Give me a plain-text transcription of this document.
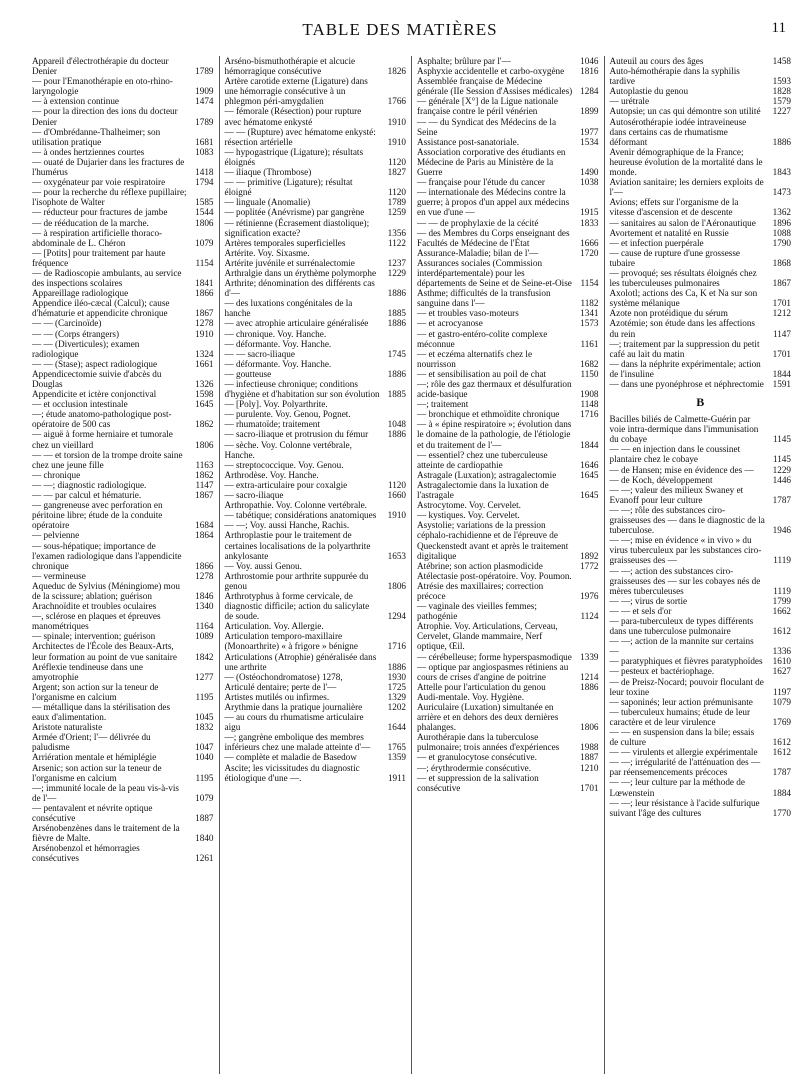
TABLE DES MATIÈRES	11
Appareil d'électrothérapie du docteur Denier	1789
— pour l'Emanothérapie en oto-rhino-laryngologie	1909
— à extension continue	1474
— pour la direction des ions du docteur Denier	1789
— d'Ombrédanne-Thalheimer; son utilisation pratique	1681
— à ondes hertziennes courtes	1083
— ouaté de Dujarier dans les fractures de l'humérus	1418
— oxygénateur par voie respiratoire	1794
— pour la recherche du réflexe pupillaire; l'isophote de Walter	1585
— réducteur pour fractures de jambe	1544
— de rééducation de la marche.	1806
— à respiration artificielle thoraco-abdominale de L. Chéron	1079
— [Potits] pour traitement par haute fréquence	1154
— de Radioscopie ambulants, au service des inspections scolaires	1841
Appareillage radiologique	1866
Appendice iléo-cæcal (Calcul); cause d'hématurie et appendicite chronique	1867
— — (Carcinoïde)	1278
— — (Corps étrangers)	1910
— — (Diverticules); examen radiologique	1324
— — (Stase); aspect radiologique	1661
Appendicectomie suivie d'abcès du Douglas	1326
Appendicite et ictère conjonctival	1598
— et occlusion intestinale	1645
—; étude anatomo-pathologique post-opératoire de 500 cas	1862
— aiguë à forme herniaire et tumorale chez un vieillard	1806
— — et torsion de la trompe droite saine chez une jeune fille	1163
— chronique	1862
— —; diagnostic radiologique.	1147
— — par calcul et hématurie.	1867
— gangreneuse avec perforation en péritoine libre; étude de la conduite opératoire	1684
— pelvienne	1864
— sous-hépatique; importance de l'examen radiologique dans l'appendicite chronique	1866
— vermineuse	1278
Aqueduc de Sylvius (Méningiome) mou de la scissure; ablation; guérison	1846
Arachnoïdite et troubles oculaires	1340
—, sclérose en plaques et épreuves manométriques	1164
— spinale; intervention; guérison	1089
Architectes de l'École des Beaux-Arts, leur formation au point de vue sanitaire	1842
Aréflexie tendineuse dans une amyotrophie	1277
Argent; son action sur la teneur de l'organisme en calcium	1195
— métallique dans la stérilisation des eaux d'alimentation.	1045
Aristote naturaliste	1832
Armée d'Orient; l'— délivrée du paludisme	1047
Arriération mentale et hémiplégie	1040
Arsenic; son action sur la teneur de l'organisme en calcium	1195
—; immunité locale de la peau vis-à-vis de l'—	1079
— pentavalent et névrite optique consécutive	1887
Arsénobenzènes dans le traitement de la fièvre de Malte.	1840
Arsénobenzol et hémorragies consécutives	1261
Arséno-bismuthothérapie et alcucie hémorragique consécutive	1826
Artère carotide externe (Ligature) dans une hémorragie consécutive à un phlegmon péri-amygdalien	1766
— fémorale (Résection) pour rupture avec hématome enkysté	1910
— — (Rupture) avec hématome enkysté: résection artérielle	1910
— hypogastrique (Ligature); résultats éloignés	1120
— iliaque (Thrombose)	1827
— — primitive (Ligature); résultat éloigné	1120
— linguale (Anomalie)	1789
— poplitée (Anévrisme) par gangrène	1259
— rétinienne (Écrasement diastolique); signification exacte?	1356
Artères temporales superficielles	1122
Artérite. Voy. Sixasme.
Artérite juvénile et surrénalectomie	1237
Arthralgie dans un érythème polymorphe	1229
Arthrite; dénomination des différents cas d'—	1886
— des luxations congénitales de la hanche	1885
— avec atrophie articulaire généralisée	1886
— chronique. Voy. Hanche.
— déformante. Voy. Hanche.
— — sacro-iliaque	1745
— déformante. Voy. Hanche.
— goutteuse	1886
— infectieuse chronique; conditions d'hygiène et d'habitation sur son évolution 1885
— [Poly]. Voy. Polyarthrite.
— purulente. Voy. Genou, Pognet.
— rhumatoïde; traitement	1048
— sacro-iliaque et protrusion du fémur	1886
— sèche. Voy. Colonne vertébrale, Hanche.
— streptococcique. Voy. Genou.
Arthrodèse. Voy. Hanche.
— extra-articulaire pour coxalgie	1120
— sacro-iliaque	1660
Arthropathie. Voy. Colonne vertébrale.
— tabétique; considérations anatomiques	1910
— —; Voy. aussi Hanche, Rachis.
Arthroplastie pour le traitement de certaines localisations de la polyarthrite ankylosante	1653
— Voy. aussi Genou.
Arthrostomie pour arthrite suppurée du genou	1806
Arthrotyphus à forme cervicale, de diagnostic difficile; action du salicylate de soude.	1294
Articulation. Voy. Allergie.
Articulation temporo-maxillaire (Monoarthrite) « à frigore » bénigne	1716
Articulations (Atrophie) généralisée dans une arthrite	1886
— (Ostéochondromatose) 1278,	1930
Articulé dentaire; perte de l'—	1725
Artistes mutilés ou infirmes.	1329
Arythmie dans la pratique journalière	1202
— au cours du rhumatisme articulaire aigu	1644
—; gangrène embolique des membres inférieurs chez une malade atteinte d'—	1765
— complète et maladie de Basedow	1359
Ascite; les vicissitudes du diagnostic étiologique d'une —.	1911
Asphalte; brûlure par l'—	1046
Asphyxie accidentelle et carbo-oxygène	1816
Assemblée française de Médecine générale (IIe Session d'Assises médicales) 1284
— générale [X°] de la Ligue nationale française contre le péril vénérien	1899
— — du Syndicat des Médecins de la Seine	1977
Assistance post-sanatoriale.	1534
Association corporative des étudiants en Médecine de Paris au Ministère de la Guerre	1490
— française pour l'étude du cancer	1038
— internationale des Médecins contre la guerre; à propos d'un appel aux médecins en vue d'une —	1915
— — de prophylaxie de la cécité	1833
— des Membres du Corps enseignant des Facultés de Médecine de l'État	1666
Assurance-Maladie; bilan de l'—	1720
Assurances sociales (Commission interdépartementale) pour les départements de Seine et de Seine-et-Oise 1154
Asthme; difficultés de la transfusion sanguine dans l'—	1182
— et troubles vaso-moteurs	1341
— et acrocyanose	1573
— et gastro-entéro-colite complexe méconnue	1161
— et eczéma alternatifs chez le nourrisson	1682
— et sensibilisation au poil de chat	1150
—; rôle des gaz thermaux et désulfuration acide-basique	1908
—; traitement	1148
— bronchique et ethmoïdite chronique	1716
— à « épine respiratoire »; évolution dans le domaine de la pathologie, de l'étiologie et du traitement de l'—	1844
— essentiel? chez une tuberculeuse atteinte de cardiopathie	1646
Astragale (Luxation); astragalectomie	1645
Astragalectomie dans la luxation de l'astragale	1645
Astrocytome. Voy. Cervelet.
— kystiques. Voy. Cervelet.
Asystolie; variations de la pression céphalo-rachidienne et de l'épreuve de Queckenstedt avant et après le traitement digitalique	1892
Atébrine; son action plasmodicide	1772
Atélectasie post-opératoire. Voy. Poumon.
Atrésie des maxillaires; correction précoce	1976
— vaginale des vieilles femmes; pathogénie	1124
Atrophie. Voy. Articulations, Cerveau, Cervelet, Glande mammaire, Nerf optique, Œil.
— cérébelleuse; forme hyperspasmodique 1339
— optique par angiospasmes rétiniens au cours de crises d'angine de poitrine	1214
Attelle pour l'articulation du genou	1886
Audi-mentale. Voy. Hygiène.
Auriculaire (Luxation) simultanée en arrière et en dehors des deux dernières phalanges.	1806
Aurothérapie dans la tuberculose pulmonaire; trois années d'expériences	1988
— et granulocytose consécutive.	1887
—; érythrodermie consécutive.	1210
— et suppression de la salivation consécutive	1701
Auteuil au cours des âges	1458
Auto-hémothérapie dans la syphilis tardive	1593
Autoplastie du genou	1828
— urétrale	1579
Autopsie; un cas qui démontre son utilité	1227
Autosérothérapie iodée intraveineuse dans certains cas de rhumatisme déformant	1886
Avenir démographique de la France; heureuse évolution de la mortalité dans le monde.	1843
Aviation sanitaire; les derniers exploits de l'—	1473
Avions; effets sur l'organisme de la vitesse d'ascension et de descente	1362
— sanitaires au salon de l'Aéronautique	1896
Avortement et natalité en Russie	1088
— et infection puerpérale	1790
— cause de rupture d'une grossesse tubaire	1868
— provoqué; ses résultats éloignés chez les tuberculeuses pulmonaires	1867
Axolotl; actions des Ca, K et Na sur son système mélanique	1701
Azote non protéidique du sérum	1212
Azotémie; son étude dans les affections du rein	1147
—; traitement par la suppression du petit café au lait du matin	1701
— dans la néphrite expérimentale; action de l'insuline	1844
— dans une pyonéphrose et néphrectomie 1591
B
Bacilles biliés de Calmette-Guérin par voie intra-dermique dans l'immunisation du cobaye	1145
— — en injection dans le coussinet plantaire chez le cobaye	1145
— de Hansen; mise en évidence des —	1229
— de Koch, développement	1446
— —; valeur des milieux Swaney et Evanoff pour leur culture	1787
— —; rôle des substances ciro-graisseuses des — dans le diagnostic de la tuberculose.	1946
— —; mise en évidence « in vivo » du virus tuberculeux par les substances ciro-graisseuses des —	1119
— —; action des substances ciro-graisseuses des — sur les cobayes nés de mères tuberculeuses	1119
— —; virus de sortie	1799
— — et sels d'or	1662
— para-tuberculeux de types différents dans une tuberculose pulmonaire	1612
— —; action de la mannite sur certains —	1336
— paratyphiques et fièvres paratyphoïdes	1610
— pesteux et bactériophage.	1627
— de Preisz-Nocard; pouvoir floculant de leur toxine	1197
— saponinés; leur action prémunisante	1079
— tuberculeux humains; étude de leur caractère et de leur virulence	1769
— — en suspension dans la bile; essais de culture	1612
— — virulents et allergie expérimentale	1612
— —; irrégularité de l'atténuation des — par réensemencements précoces	1787
— —; leur culture par la méthode de Lœwenstein	1884
— —; leur résistance à l'acide sulfurique suivant l'âge des cultures	1770
